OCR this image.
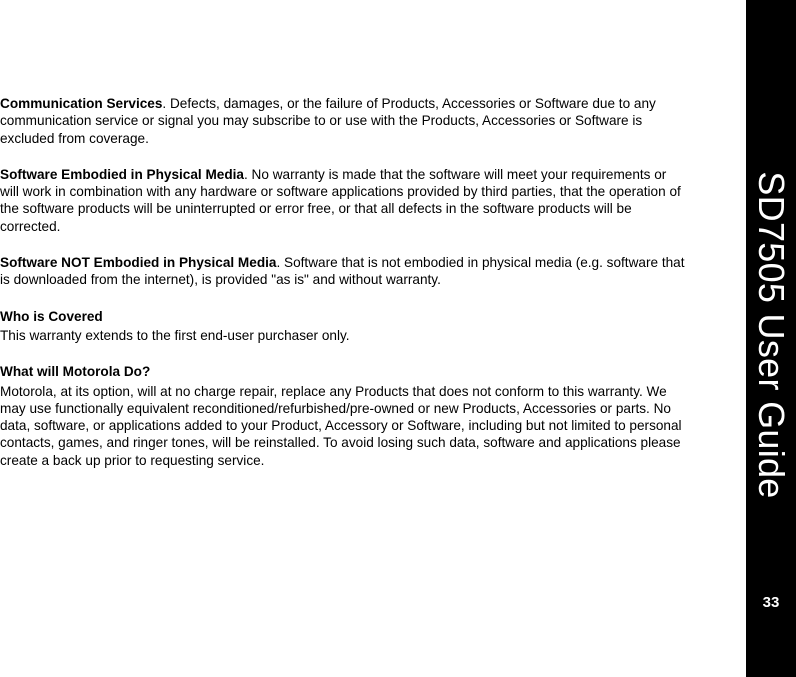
Communication Services. Defects, damages, or the failure of Products, Accessories or Software due to any communication service or signal you may subscribe to or use with the Products, Accessories or Software is excluded from coverage.

Software Embodied in Physical Media. No warranty is made that the software will meet your requirements or will work in combination with any hardware or software applications provided by third parties, that the operation of the software products will be uninterrupted or error free, or that all defects in the software products will be corrected.

Software NOT Embodied in Physical Media. Software that is not embodied in physical media (e.g. software that is downloaded from the internet), is provided "as is" and without warranty.

Who is Covered

This warranty extends to the first end-user purchaser only.

What will Motorola Do?

Motorola, at its option, will at no charge repair, replace any Products that does not conform to this warranty. We may use functionally equivalent reconditioned/refurbished/pre-owned or new Products, Accessories or parts. No data, software, or applications added to your Product, Accessory or Software, including but not limited to personal contacts, games, and ringer tones, will be reinstalled. To avoid losing such data, software and applications please create a back up prior to requesting service.	SD7505 User Guide
33
